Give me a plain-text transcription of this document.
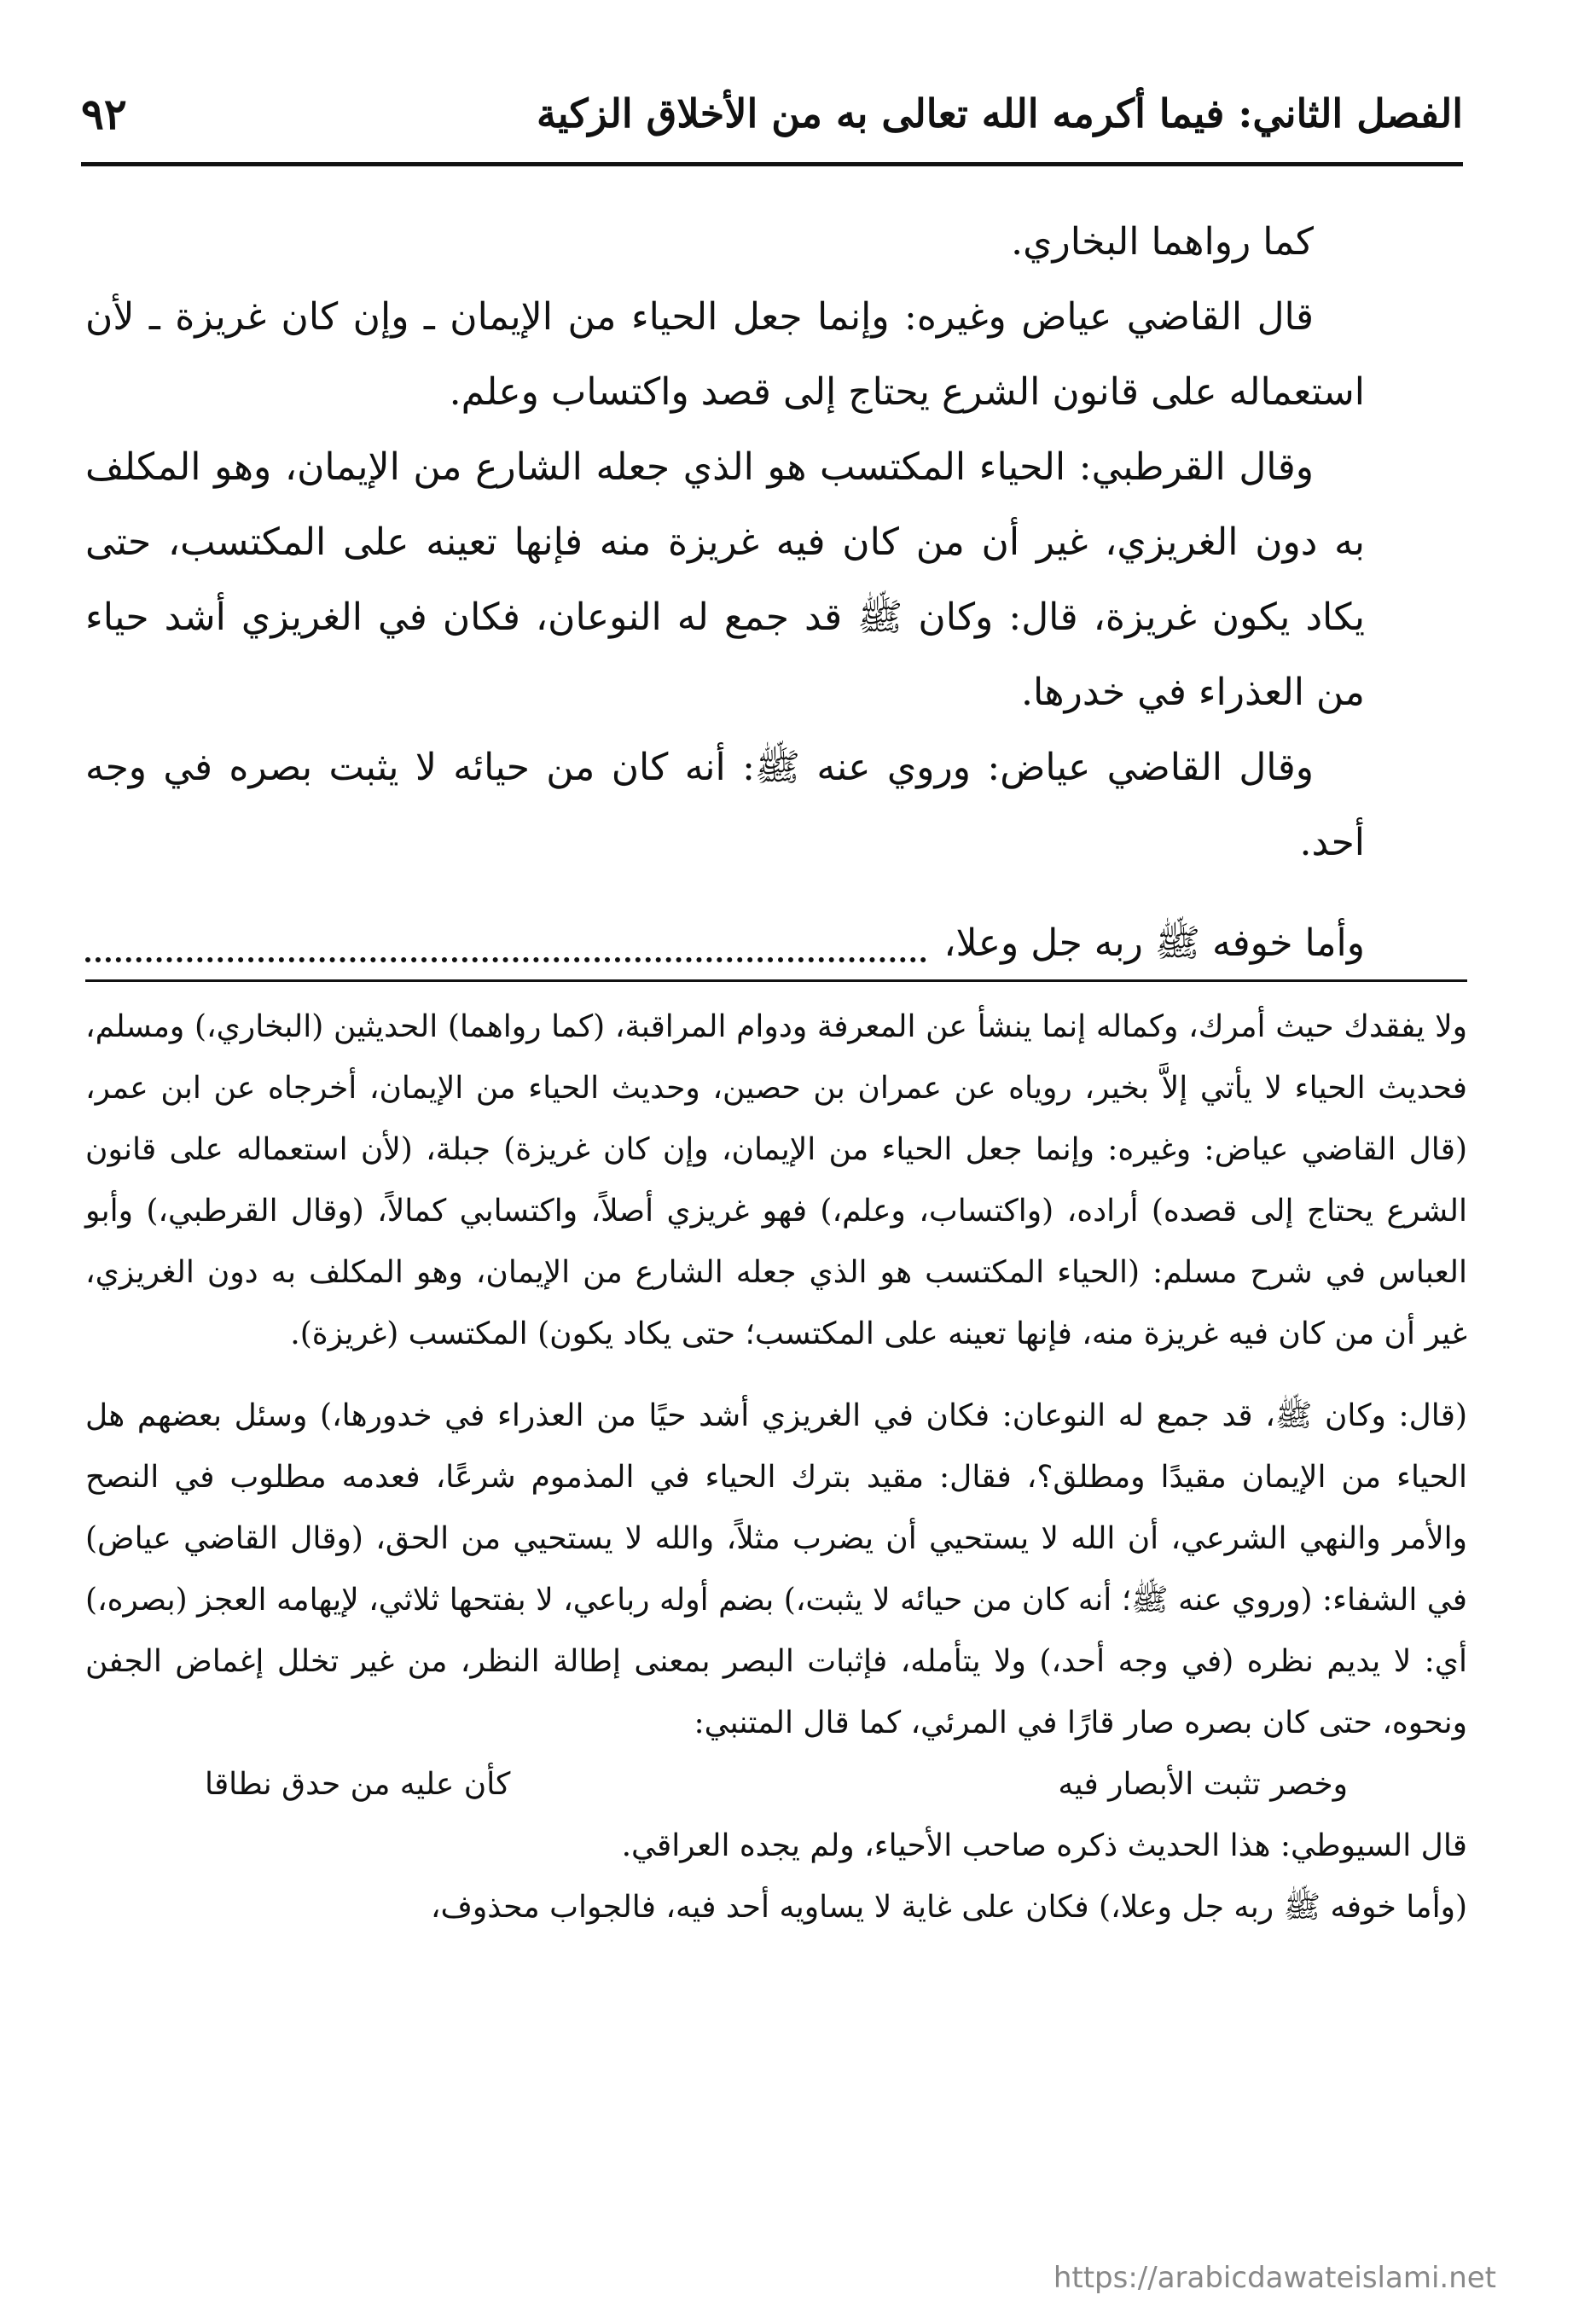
٩٢	الفصل الثاني: فيما أكرمه الله تعالى به من الأخلاق الزكية

كما رواهما البخاري.

قال القاضي عياض وغيره: وإنما جعل الحياء من الإيمان ـ وإن كان غريزة ـ لأن استعماله على قانون الشرع يحتاج إلى قصد واكتساب وعلم.

وقال القرطبي: الحياء المكتسب هو الذي جعله الشارع من الإيمان، وهو المكلف به دون الغريزي، غير أن من كان فيه غريزة منه فإنها تعينه على المكتسب، حتى يكاد يكون غريزة، قال: وكان ﷺ قد جمع له النوعان، فكان في الغريزي أشد حياء من العذراء في خدرها.

وقال القاضي عياض: وروي عنه ﷺ: أنه كان من حيائه لا يثبت بصره في وجه أحد.

وأما خوفه ﷺ ربه جل وعلا،

ولا يفقدك حيث أمرك، وكماله إنما ينشأ عن المعرفة ودوام المراقبة، (كما رواهما) الحديثين (البخاري،) ومسلم، فحديث الحياء لا يأتي إلاَّ بخير، روياه عن عمران بن حصين، وحديث الحياء من الإيمان، أخرجاه عن ابن عمر، (قال القاضي عياض: وغيره: وإنما جعل الحياء من الإيمان، وإن كان غريزة) جبلة، (لأن استعماله على قانون الشرع يحتاج إلى قصده) أراده، (واكتساب، وعلم،) فهو غريزي أصلاً، واكتسابي كمالاً، (وقال القرطبي،) وأبو العباس في شرح مسلم: (الحياء المكتسب هو الذي جعله الشارع من الإيمان، وهو المكلف به دون الغريزي، غير أن من كان فيه غريزة منه، فإنها تعينه على المكتسب؛ حتى يكاد يكون) المكتسب (غريزة).

(قال: وكان ﷺ، قد جمع له النوعان: فكان في الغريزي أشد حيًا من العذراء في خدورها،) وسئل بعضهم هل الحياء من الإيمان مقيدًا ومطلق؟، فقال: مقيد بترك الحياء في المذموم شرعًا، فعدمه مطلوب في النصح والأمر والنهي الشرعي، أن الله لا يستحيي أن يضرب مثلاً، والله لا يستحيي من الحق، (وقال القاضي عياض) في الشفاء: (وروي عنه ﷺ؛ أنه كان من حيائه لا يثبت،) بضم أوله رباعي، لا بفتحها ثلاثي، لإيهامه العجز (بصره،) أي: لا يديم نظره (في وجه أحد،) ولا يتأمله، فإثبات البصر بمعنى إطالة النظر، من غير تخلل إغماض الجفن ونحوه، حتى كان بصره صار قارًا في المرئي، كما قال المتنبي:

وخصر تثبت الأبصار فيه
كأن عليه من حدق نطاقا

قال السيوطي: هذا الحديث ذكره صاحب الأحياء، ولم يجده العراقي.

(وأما خوفه ﷺ ربه جل وعلا،) فكان على غاية لا يساويه أحد فيه، فالجواب محذوف،

https://arabicdawateislami.net
